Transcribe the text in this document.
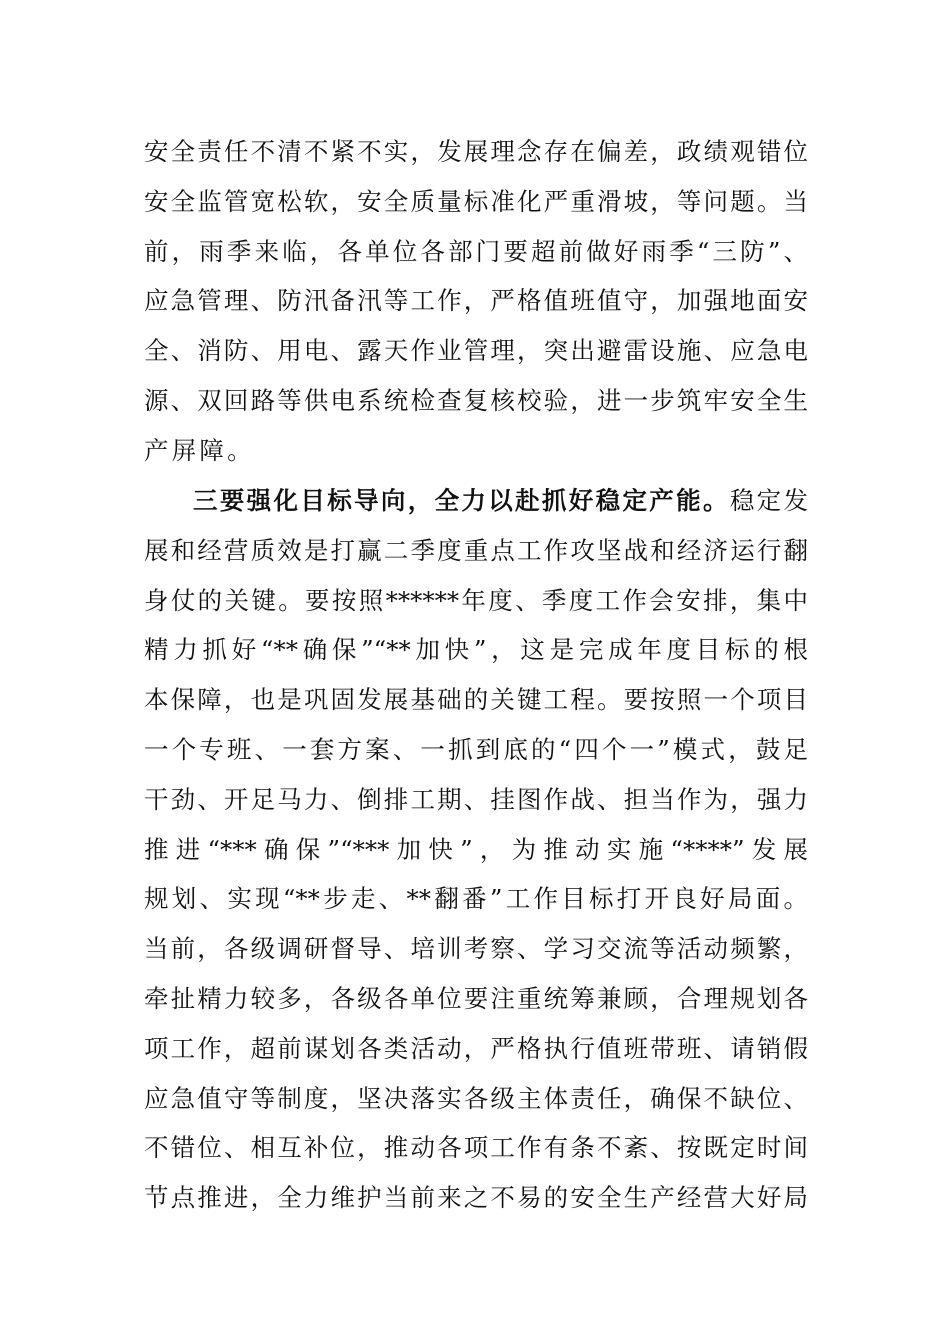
安全责任不清不紧不实，发展理念存在偏差，政绩观错位
安全监管宽松软，安全质量标准化严重滑坡，等问题。当
前，雨季来临，各单位各部门要超前做好雨季“三防”、
应急管理、防汛备汛等工作，严格值班值守，加强地面安
全、消防、用电、露天作业管理，突出避雷设施、应急电
源、双回路等供电系统检查复核校验，进一步筑牢安全生
产屏障。
三要强化目标导向，全力以赴抓好稳定产能。稳定发
展和经营质效是打赢二季度重点工作攻坚战和经济运行翻
身仗的关键。要按照******年度、季度工作会安排，集中
精力抓好“**确保”“**加快”，这是完成年度目标的根
本保障，也是巩固发展基础的关键工程。要按照一个项目
一个专班、一套方案、一抓到底的“四个一”模式，鼓足
干劲、开足马力、倒排工期、挂图作战、担当作为，强力
推进“***确保”“***加快”，为推动实施“****”发展
规划、实现“**步走、**翻番”工作目标打开良好局面。
当前，各级调研督导、培训考察、学习交流等活动频繁，
牵扯精力较多，各级各单位要注重统筹兼顾，合理规划各
项工作，超前谋划各类活动，严格执行值班带班、请销假
应急值守等制度，坚决落实各级主体责任，确保不缺位、
不错位、相互补位，推动各项工作有条不紊、按既定时间
节点推进，全力维护当前来之不易的安全生产经营大好局
